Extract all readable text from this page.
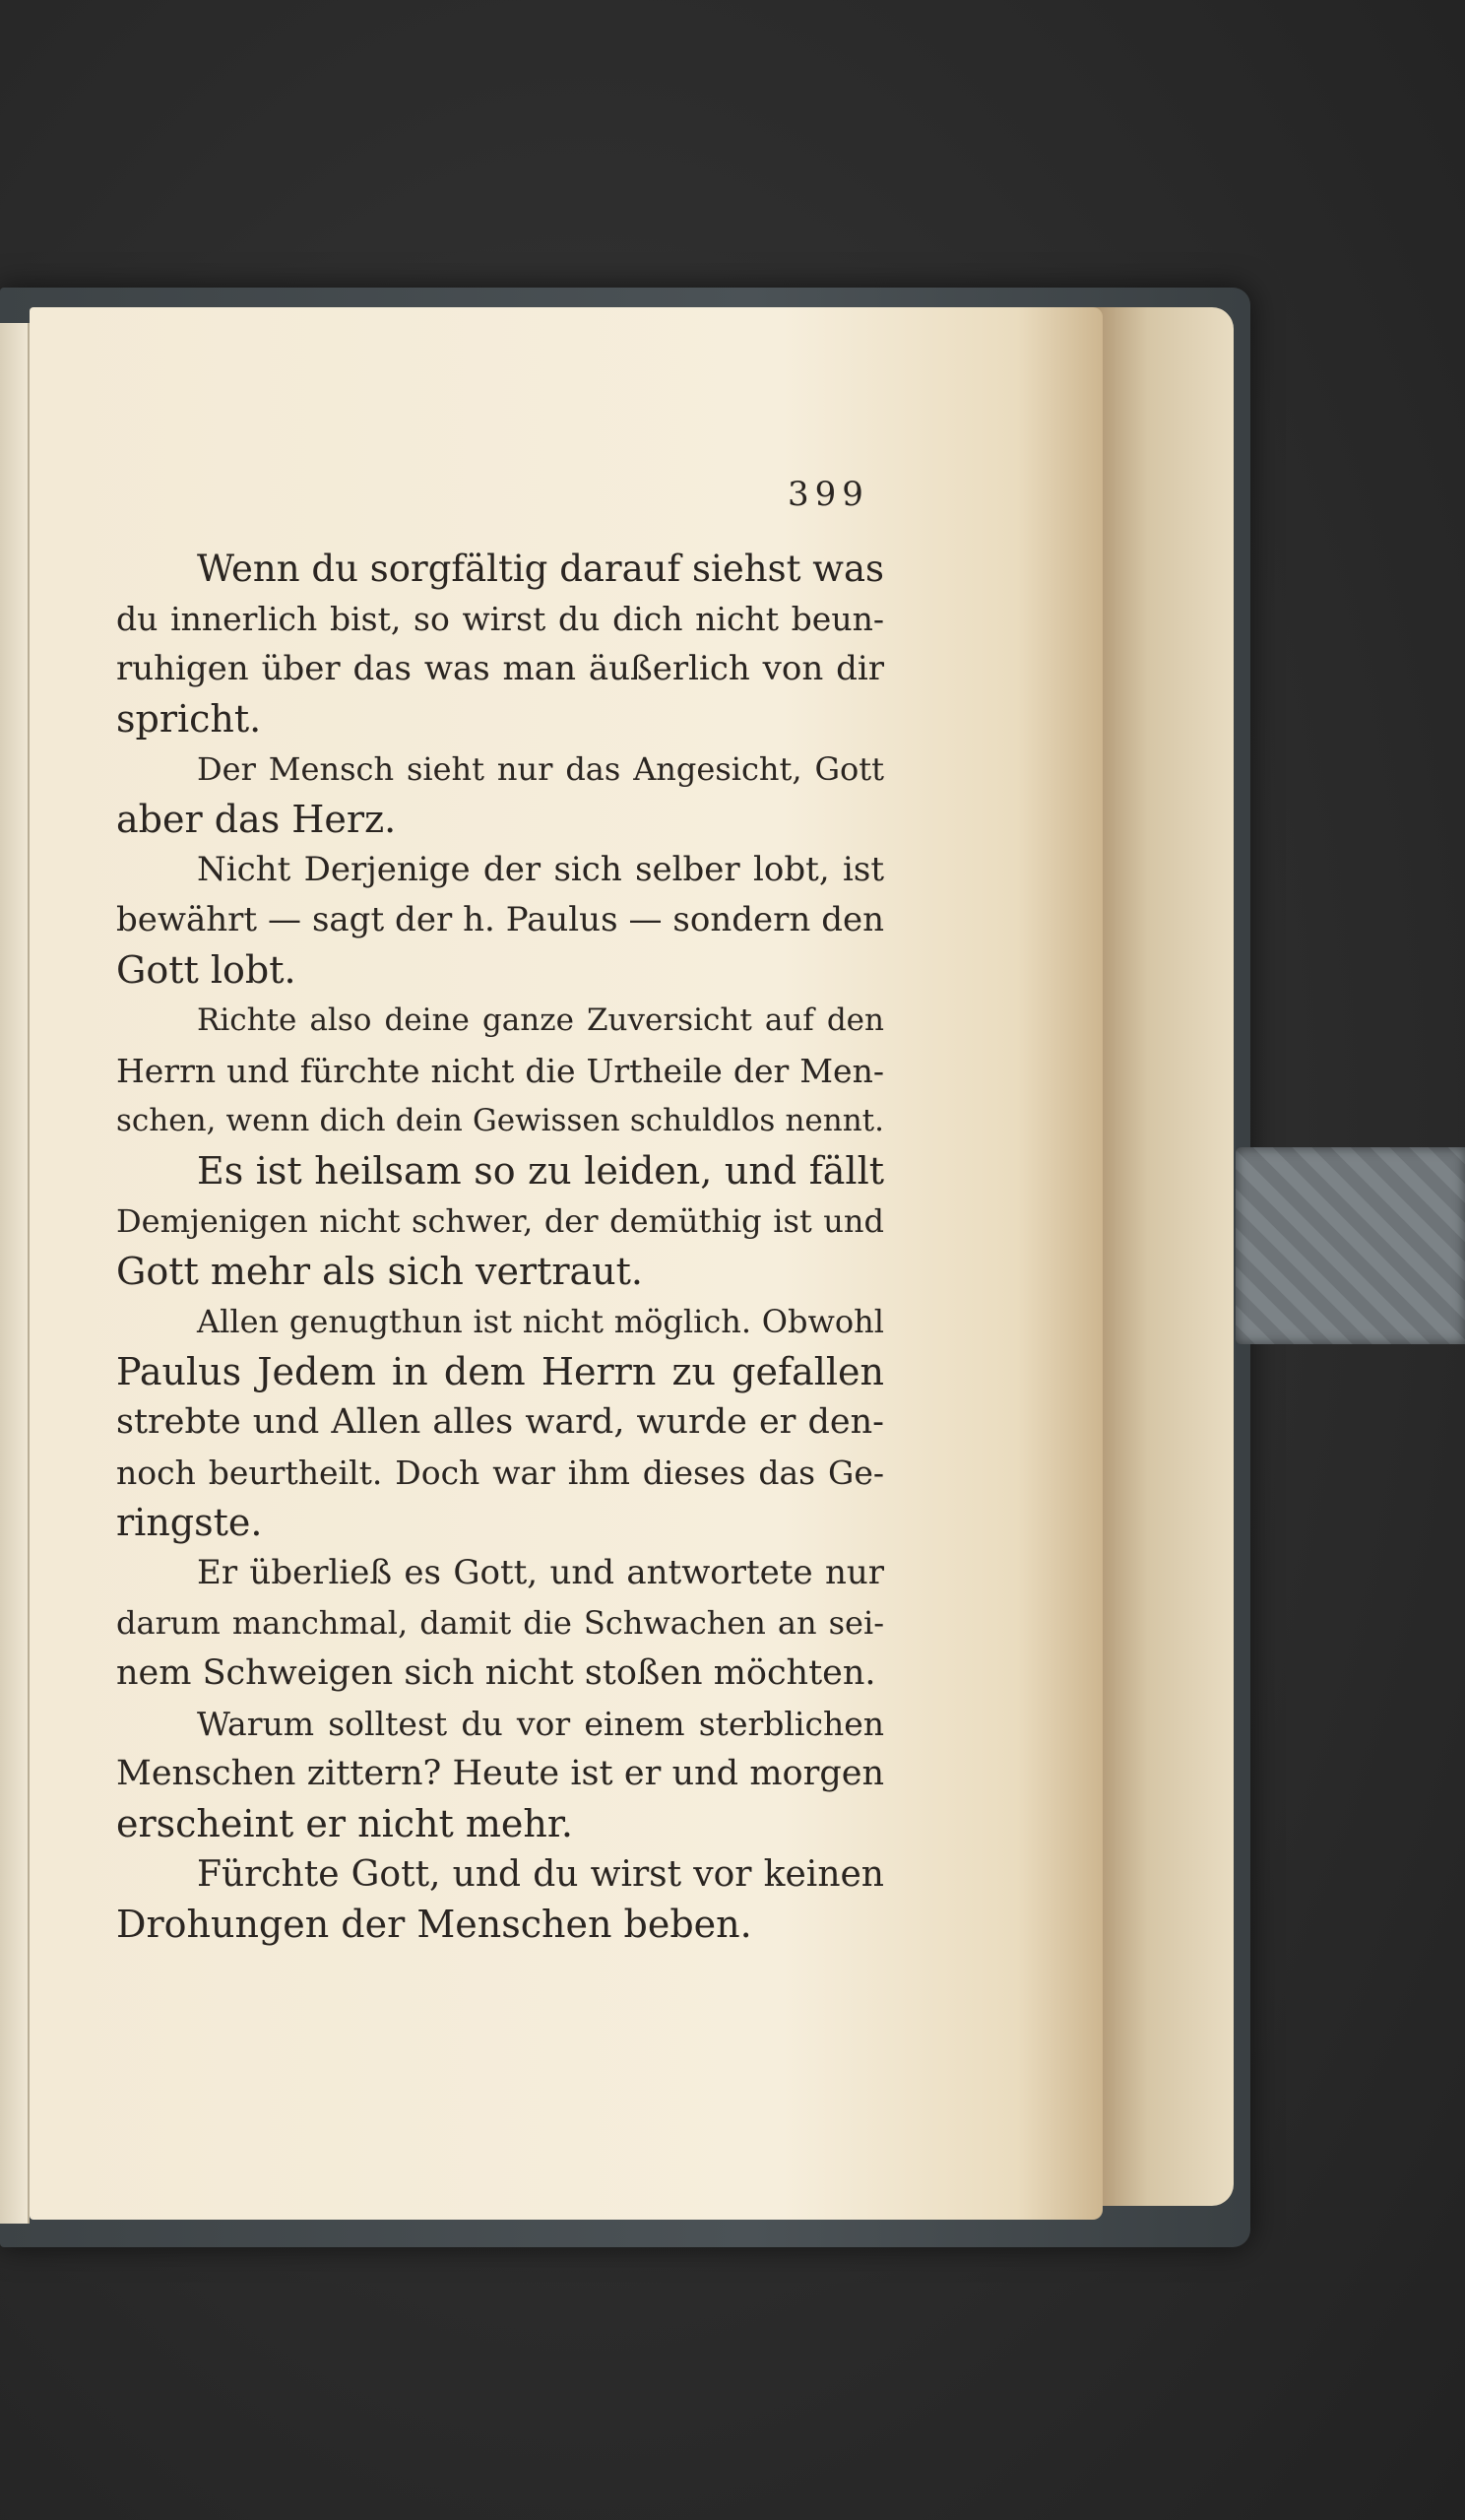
399
Wenn du sorgfältig darauf siehst was
du innerlich bist, so wirst du dich nicht beun-
ruhigen über das was man äußerlich von dir
spricht.
Der Mensch sieht nur das Angesicht, Gott
aber das Herz.
Nicht Derjenige der sich selber lobt, ist
bewährt — sagt der h. Paulus — sondern den
Gott lobt.
Richte also deine ganze Zuversicht auf den
Herrn und fürchte nicht die Urtheile der Men-
schen, wenn dich dein Gewissen schuldlos nennt.
Es ist heilsam so zu leiden, und fällt
Demjenigen nicht schwer, der demüthig ist und
Gott mehr als sich vertraut.
Allen genugthun ist nicht möglich. Obwohl
Paulus Jedem in dem Herrn zu gefallen
strebte und Allen alles ward, wurde er den-
noch beurtheilt. Doch war ihm dieses das Ge-
ringste.
Er überließ es Gott, und antwortete nur
darum manchmal, damit die Schwachen an sei-
nem Schweigen sich nicht stoßen möchten.
Warum solltest du vor einem sterblichen
Menschen zittern? Heute ist er und morgen
erscheint er nicht mehr.
Fürchte Gott, und du wirst vor keinen
Drohungen der Menschen beben.
